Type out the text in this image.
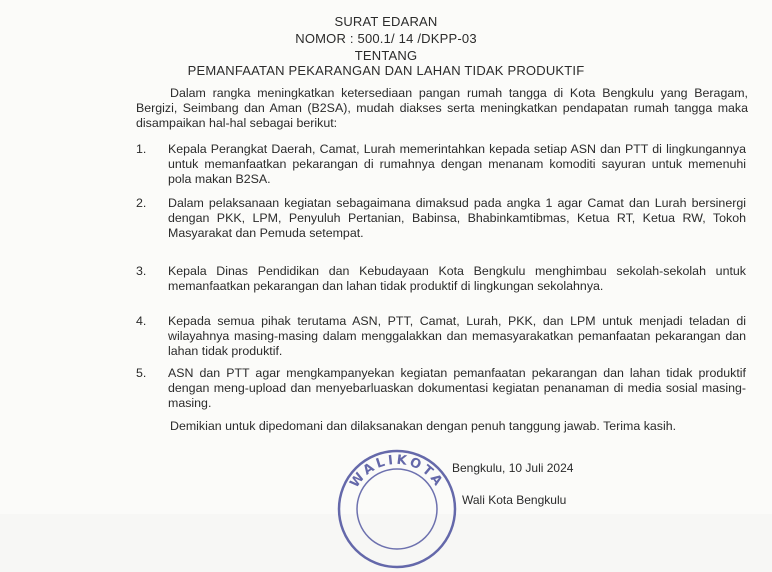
SURAT EDARAN
NOMOR : 500.1/ 14 /DKPP-03
TENTANG
PEMANFAATAN PEKARANGAN DAN LAHAN TIDAK PRODUKTIF
Dalam rangka meningkatkan ketersediaan pangan rumah tangga di Kota Bengkulu yang Beragam, Bergizi, Seimbang dan Aman (B2SA), mudah diakses serta meningkatkan pendapatan rumah tangga maka disampaikan hal-hal sebagai berikut:
1. Kepala Perangkat Daerah, Camat, Lurah memerintahkan kepada setiap ASN dan PTT di lingkungannya untuk memanfaatkan pekarangan di rumahnya dengan menanam komoditi sayuran untuk memenuhi pola makan B2SA.
2. Dalam pelaksanaan kegiatan sebagaimana dimaksud pada angka 1 agar Camat dan Lurah bersinergi dengan PKK, LPM, Penyuluh Pertanian, Babinsa, Bhabinkamtibmas, Ketua RT, Ketua RW, Tokoh Masyarakat dan Pemuda setempat.
3. Kepala Dinas Pendidikan dan Kebudayaan Kota Bengkulu menghimbau sekolah-sekolah untuk memanfaatkan pekarangan dan lahan tidak produktif di lingkungan sekolahnya.
4. Kepada semua pihak terutama ASN, PTT, Camat, Lurah, PKK, dan LPM untuk menjadi teladan di wilayahnya masing-masing dalam menggalakkan dan memasyarakatkan pemanfaatan pekarangan dan lahan tidak produktif.
5. ASN dan PTT agar mengkampanyekan kegiatan pemanfaatan pekarangan dan lahan tidak produktif dengan meng-upload dan menyebarluaskan dokumentasi kegiatan penanaman di media sosial masing-masing.
Demikian untuk dipedomani dan dilaksanakan dengan penuh tanggung jawab. Terima kasih.
WALIKOTA
Bengkulu, 10 Juli 2024
Wali Kota Bengkulu
